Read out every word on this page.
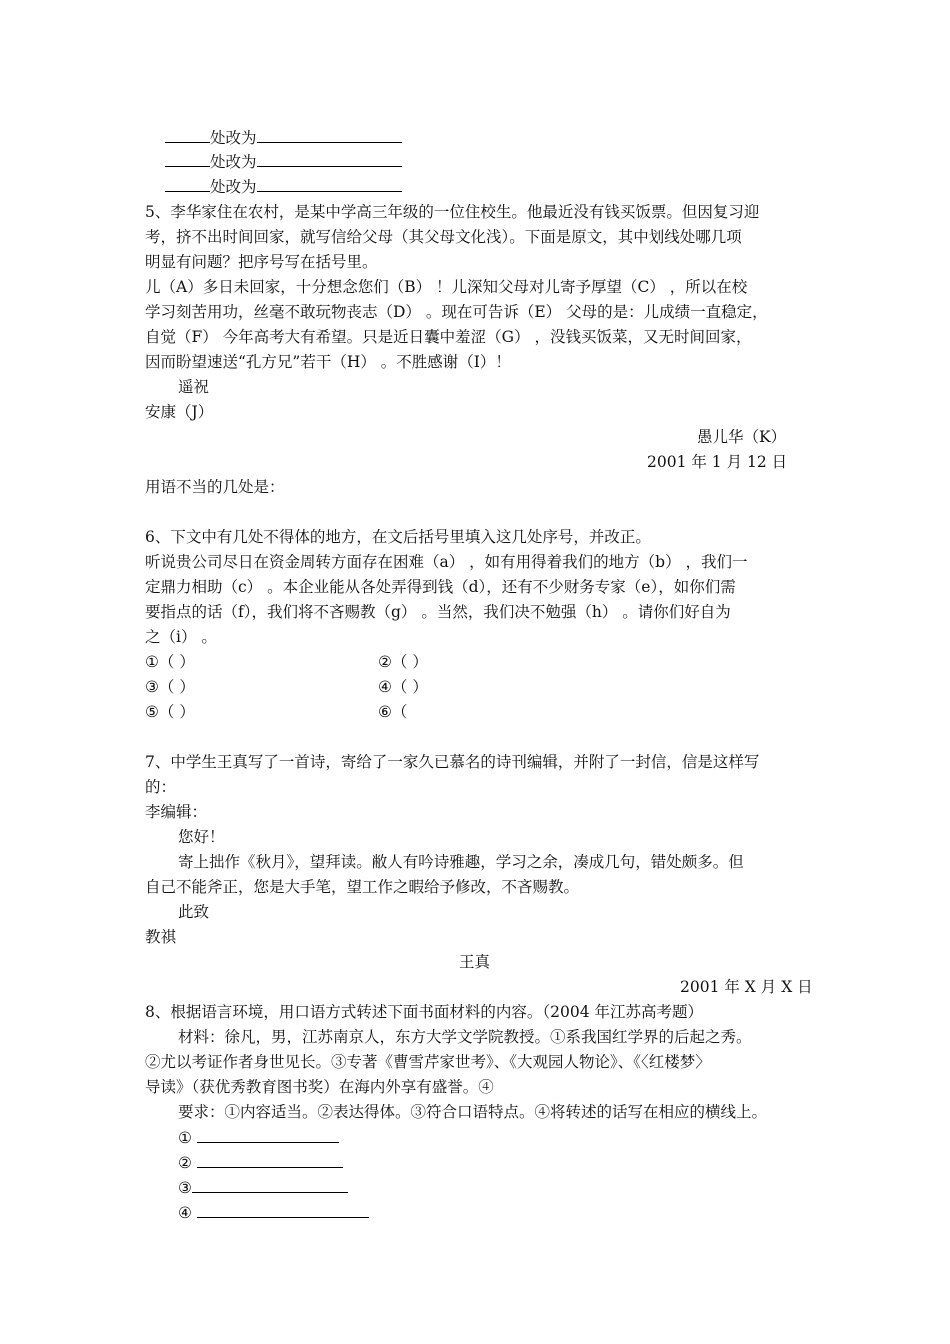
处改为
处改为
处改为
5、李华家住在农村，是某中学高三年级的一位住校生。他最近没有钱买饭票。但因复习迎
考，挤不出时间回家，就写信给父母（其父母文化浅）。下面是原文，其中划线处哪几项
明显有问题？把序号写在括号里。
儿（A）多日未回家，十分想念您们（B） ！儿深知父母对儿寄予厚望（C） ，所以在校
学习刻苦用功，丝毫不敢玩物丧志（D） 。现在可告诉（E） 父母的是：儿成绩一直稳定，
自觉（F） 今年高考大有希望。只是近日囊中羞涩（G） ，没钱买饭菜，又无时间回家，
因而盼望速送“孔方兄”若干（H） 。不胜感谢（I）！
遥祝
安康（J）
愚儿华（K）
2001 年 1 月 12 日
用语不当的几处是：
6、下文中有几处不得体的地方，在文后括号里填入这几处序号，并改正。
听说贵公司尽日在资金周转方面存在困难（a） ，如有用得着我们的地方（b） ，我们一
定鼎力相助（c） 。本企业能从各处弄得到钱（d），还有不少财务专家（e），如你们需
要指点的话（f），我们将不吝赐教（g） 。当然，我们决不勉强（h） 。请你们好自为
之（i） 。
①（ ）	②（ ）
③（ ）	④（ ）
⑤（ ）	⑥（
7、中学生王真写了一首诗，寄给了一家久已慕名的诗刊编辑，并附了一封信，信是这样写
的：
李编辑：
您好！
寄上拙作《秋月》，望拜读。敝人有吟诗雅趣，学习之余，凑成几句，错处颇多。但
自己不能斧正，您是大手笔，望工作之暇给予修改，不吝赐教。
此致
教祺
王真
2001 年 X 月 X 日
8、根据语言环境，用口语方式转述下面书面材料的内容。（2004 年江苏高考题）
材料：徐凡，男，江苏南京人，东方大学文学院教授。①系我国红学界的后起之秀。
②尤以考证作者身世见长。③专著《曹雪芹家世考》、《大观园人物论》、《〈红楼梦〉
导读》（获优秀教育图书奖）在海内外享有盛誉。④
要求：①内容适当。②表达得体。③符合口语特点。④将转述的话写在相应的横线上。
①
②
③
④
